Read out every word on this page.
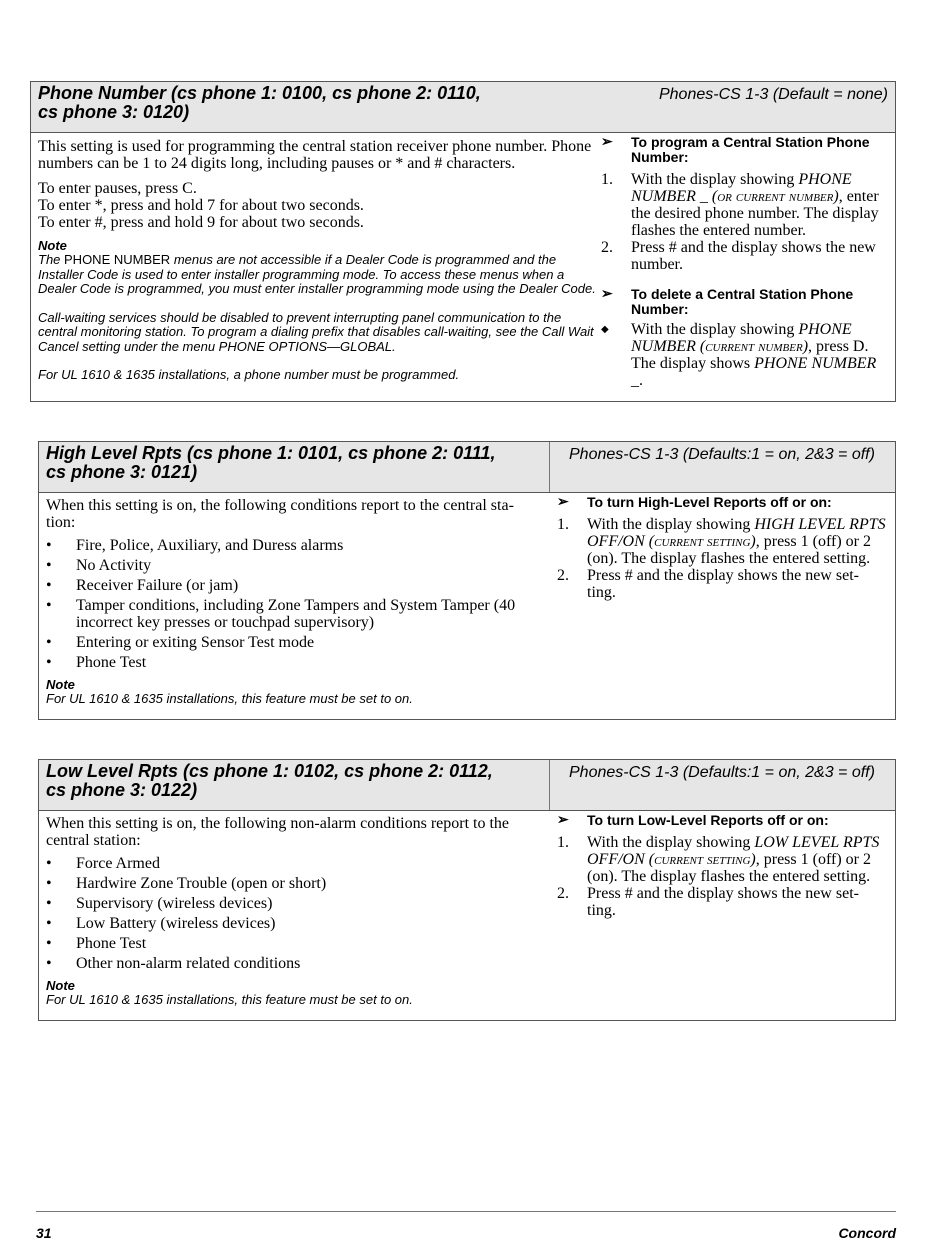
Phone Number (cs phone 1: 0100, cs phone 2: 0110,
cs phone 3: 0120)
Phones-CS 1-3 (Default = none)

This setting is used for programming the central station receiver phone number. Phone numbers can be 1 to 24 digits long, including pauses or * and # characters.

To enter pauses, press C.

To enter *, press and hold 7 for about two seconds.

To enter #, press and hold 9 for about two seconds.

Note

The PHONE NUMBER menus are not accessible if a Dealer Code is programmed and the Installer Code is used to enter installer programming mode. To access these menus when a Dealer Code is programmed, you must enter installer programming mode using the Dealer Code.

Call-waiting services should be disabled to prevent interrupting panel communication to the central monitoring station. To program a dialing prefix that disables call-waiting, see the Call Wait Cancel setting under the menu PHONE OPTIONS—GLOBAL.

For UL 1610 & 1635 installations, a phone number must be programmed.

➢ To program a Central Station Phone Number:
1. With the display showing PHONE NUMBER _ (or current number), enter the desired phone number. The display flashes the entered number.
2. Press # and the display shows the new number.
➢ To delete a Central Station Phone Number:
◆ With the display showing PHONE NUMBER (current number), press D. The display shows PHONE NUMBER _.
High Level Rpts (cs phone 1: 0101, cs phone 2: 0111,
cs phone 3: 0121)
Phones-CS 1-3 (Defaults:1 = on, 2&3 = off)

When this setting is on, the following conditions report to the central sta- tion:

• Fire, Police, Auxiliary, and Duress alarms
• No Activity
• Receiver Failure (or jam)
• Tamper conditions, including Zone Tampers and System Tamper (40 incorrect key presses or touchpad supervisory)
• Entering or exiting Sensor Test mode
• Phone Test

Note

For UL 1610 & 1635 installations, this feature must be set to on.

➢ To turn High-Level Reports off or on:
1. With the display showing HIGH LEVEL RPTS OFF/ON (current setting), press 1 (off) or 2 (on). The display flashes the entered setting.
2. Press # and the display shows the new set- ting.
Low Level Rpts (cs phone 1: 0102, cs phone 2: 0112,
cs phone 3: 0122)
Phones-CS 1-3 (Defaults:1 = on, 2&3 = off)

When this setting is on, the following non-alarm conditions report to the central station:

• Force Armed
• Hardwire Zone Trouble (open or short)
• Supervisory (wireless devices)
• Low Battery (wireless devices)
• Phone Test
• Other non-alarm related conditions

Note

For UL 1610 & 1635 installations, this feature must be set to on.

➢ To turn Low-Level Reports off or on:
1. With the display showing LOW LEVEL RPTS OFF/ON (current setting), press 1 (off) or 2 (on). The display flashes the entered setting.
2. Press # and the display shows the new set- ting.
31	Concord
